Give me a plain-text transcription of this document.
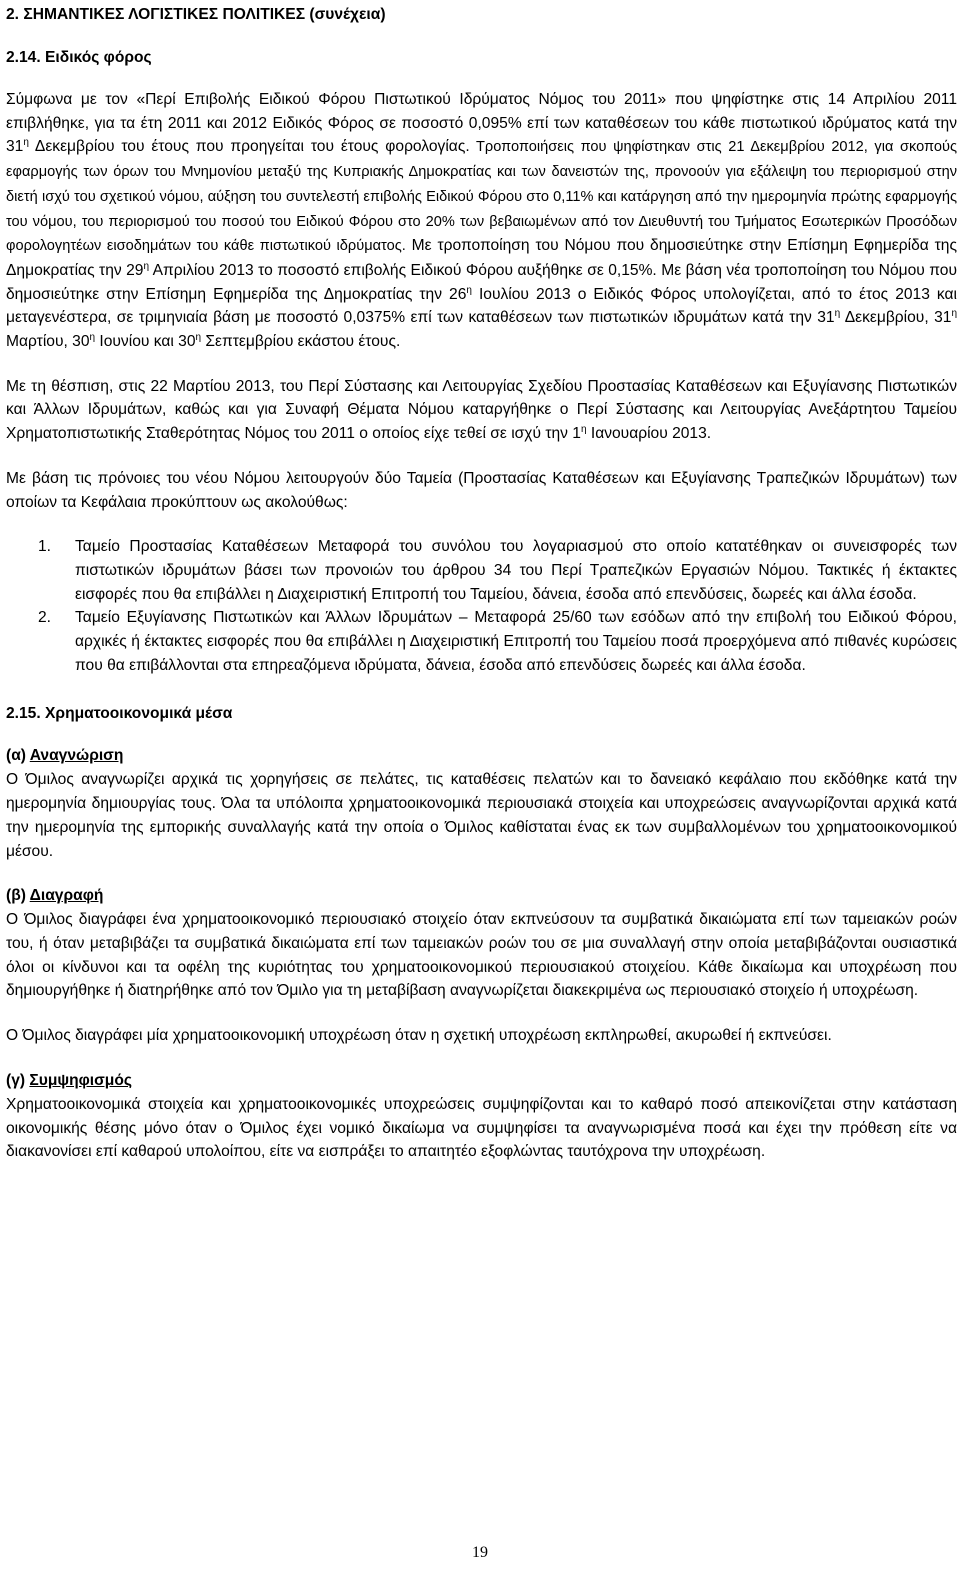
2. ΣΗΜΑΝΤΙΚΕΣ ΛΟΓΙΣΤΙΚΕΣ ΠΟΛΙΤΙΚΕΣ (συνέχεια)

2.14. Ειδικός φόρος

Σύμφωνα με τον «Περί Επιβολής Ειδικού Φόρου Πιστωτικού Ιδρύματος Νόμος του 2011» που ψηφίστηκε στις 14 Απριλίου 2011 επιβλήθηκε, για τα έτη 2011 και 2012 Ειδικός Φόρος σε ποσοστό 0,095% επί των καταθέσεων του κάθε πιστωτικού ιδρύματος κατά την $31^\eta$ Δεκεμβρίου του έτους που προηγείται του έτους φορολογίας. Τροποποιήσεις που ψηφίστηκαν στις 21 Δεκεμβρίου 2012, για σκοπούς εφαρμογής των όρων του Μνημονίου μεταξύ της Κυπριακής Δημοκρατίας και των δανειστών της, προνοούν για εξάλειψη του περιορισμού στην διετή ισχύ του σχετικού νόμου, αύξηση του συντελεστή επιβολής Ειδικού Φόρου στο 0,11% και κατάργηση από την ημερομηνία πρώτης εφαρμογής του νόμου, του περιορισμού του ποσού του Ειδικού Φόρου στο 20% των βεβαιωμένων από τον Διευθυντή του Τμήματος Εσωτερικών Προσόδων φορολογητέων εισοδημάτων του κάθε πιστωτικού ιδρύματος. Με τροποποίηση του Νόμου που δημοσιεύτηκε στην Επίσημη Εφημερίδα της Δημοκρατίας την $29^\eta$ Απριλίου 2013 το ποσοστό επιβολής Ειδικού Φόρου αυξήθηκε σε 0,15%. Με βάση νέα τροποποίηση του Νόμου που δημοσιεύτηκε στην Επίσημη Εφημερίδα της Δημοκρατίας την $26^\eta$ Ιουλίου 2013 ο Ειδικός Φόρος υπολογίζεται, από το έτος 2013 και μεταγενέστερα, σε τριμηνιαία βάση με ποσοστό 0,0375% επί των καταθέσεων των πιστωτικών ιδρυμάτων κατά την $31^\eta$ Δεκεμβρίου, $31^\eta$ Μαρτίου, $30^\eta$ Ιουνίου και $30^\eta$ Σεπτεμβρίου εκάστου έτους.

Με τη θέσπιση, στις 22 Μαρτίου 2013, του Περί Σύστασης και Λειτουργίας Σχεδίου Προστασίας Καταθέσεων και Εξυγίανσης Πιστωτικών και Άλλων Ιδρυμάτων, καθώς και για Συναφή Θέματα Νόμου καταργήθηκε ο Περί Σύστασης και Λειτουργίας Ανεξάρτητου Ταμείου Χρηματοπιστωτικής Σταθερότητας Νόμος του 2011 ο οποίος είχε τεθεί σε ισχύ την $1^\eta$ Ιανουαρίου 2013.

Με βάση τις πρόνοιες του νέου Νόμου λειτουργούν δύο Ταμεία (Προστασίας Καταθέσεων και Εξυγίανσης Τραπεζικών Ιδρυμάτων) των οποίων τα Κεφάλαια προκύπτουν ως ακολούθως:

1.	Ταμείο Προστασίας Καταθέσεων Μεταφορά του συνόλου του λογαριασμού στο οποίο κατατέθηκαν οι συνεισφορές των πιστωτικών ιδρυμάτων βάσει των προνοιών του άρθρου 34 του Περί Τραπεζικών Εργασιών Νόμου. Τακτικές ή έκτακτες εισφορές που θα επιβάλλει η Διαχειριστική Επιτροπή του Ταμείου, δάνεια, έσοδα από επενδύσεις, δωρεές και άλλα έσοδα.
2.	Ταμείο Εξυγίανσης Πιστωτικών και Άλλων Ιδρυμάτων – Μεταφορά 25/60 των εσόδων από την επιβολή του Ειδικού Φόρου, αρχικές ή έκτακτες εισφορές που θα επιβάλλει η Διαχειριστική Επιτροπή του Ταμείου ποσά προερχόμενα από πιθανές κυρώσεις που θα επιβάλλονται στα επηρεαζόμενα ιδρύματα, δάνεια, έσοδα από επενδύσεις δωρεές και άλλα έσοδα.

2.15. Χρηματοοικονομικά μέσα

(α) Αναγνώριση

Ο Όμιλος αναγνωρίζει αρχικά τις χορηγήσεις σε πελάτες, τις καταθέσεις πελατών και το δανειακό κεφάλαιο που εκδόθηκε κατά την ημερομηνία δημιουργίας τους. Όλα τα υπόλοιπα χρηματοοικονομικά περιουσιακά στοιχεία και υποχρεώσεις αναγνωρίζονται αρχικά κατά την ημερομηνία της εμπορικής συναλλαγής κατά την οποία ο Όμιλος καθίσταται ένας εκ των συμβαλλομένων του χρηματοοικονομικού μέσου.

(β) Διαγραφή

Ο Όμιλος διαγράφει ένα χρηματοοικονομικό περιουσιακό στοιχείο όταν εκπνεύσουν τα συμβατικά δικαιώματα επί των ταμειακών ροών του, ή όταν μεταβιβάζει τα συμβατικά δικαιώματα επί των ταμειακών ροών του σε μια συναλλαγή στην οποία μεταβιβάζονται ουσιαστικά όλοι οι κίνδυνοι και τα οφέλη της κυριότητας του χρηματοοικονομικού περιουσιακού στοιχείου. Κάθε δικαίωμα και υποχρέωση που δημιουργήθηκε ή διατηρήθηκε από τον Όμιλο για τη μεταβίβαση αναγνωρίζεται διακεκριμένα ως περιουσιακό στοιχείο ή υποχρέωση.

Ο Όμιλος διαγράφει μία χρηματοοικονομική υποχρέωση όταν η σχετική υποχρέωση εκπληρωθεί, ακυρωθεί ή εκπνεύσει.

(γ) Συμψηφισμός

Χρηματοοικονομικά στοιχεία και χρηματοοικονομικές υποχρεώσεις συμψηφίζονται και το καθαρό ποσό απεικονίζεται στην κατάσταση οικονομικής θέσης μόνο όταν ο Όμιλος έχει νομικό δικαίωμα να συμψηφίσει τα αναγνωρισμένα ποσά και έχει την πρόθεση είτε να διακανονίσει επί καθαρού υπολοίπου, είτε να εισπράξει το απαιτητέο εξοφλώντας ταυτόχρονα την υποχρέωση.

19
